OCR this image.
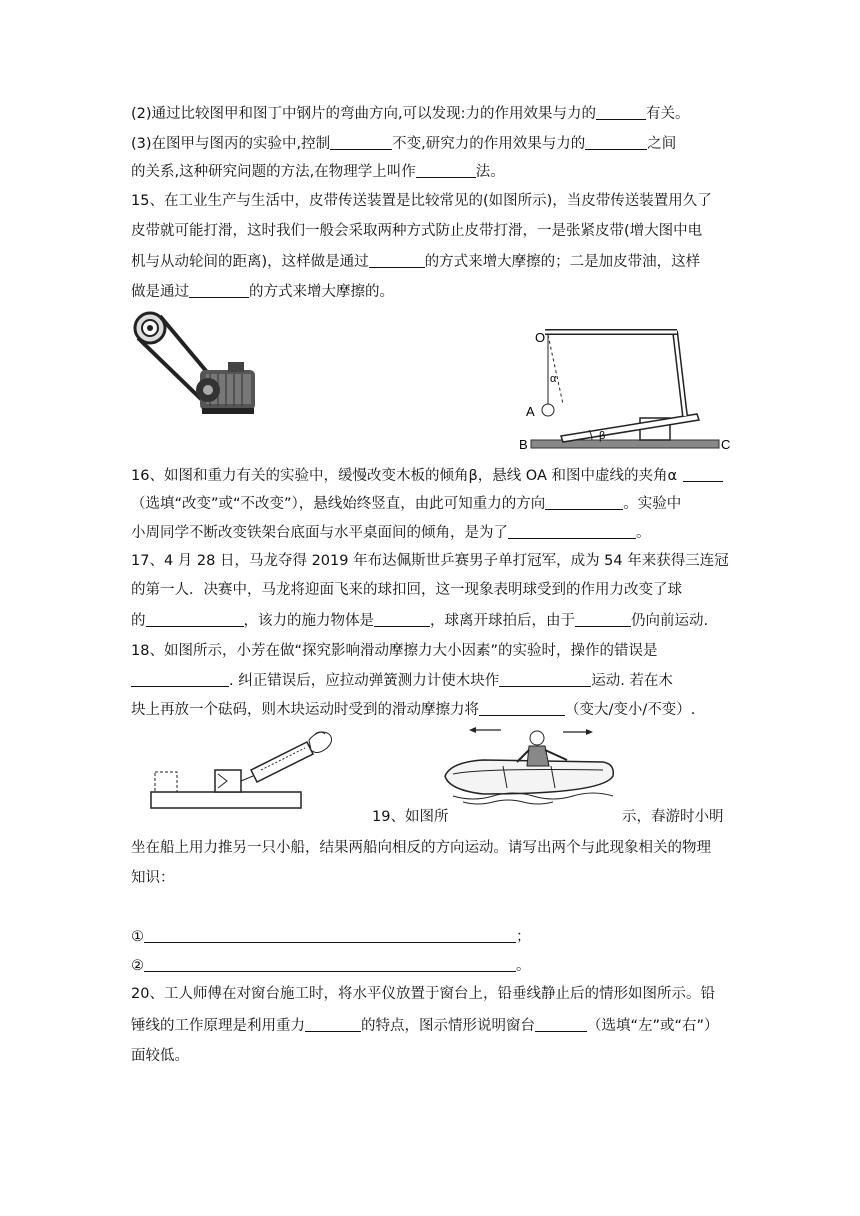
(2)通过比较图甲和图丁中钢片的弯曲方向,可以发现:力的作用效果与力的	有关。
(3)在图甲与图丙的实验中,控制	不变,研究力的作用效果与力的	之间
的关系,这种研究问题的方法,在物理学上叫作	法。
15、在工业生产与生活中，皮带传送装置是比较常见的(如图所示)，当皮带传送装置用久了
皮带就可能打滑，这时我们一般会采取两种方式防止皮带打滑，一是张紧皮带(增大图中电
机与从动轮间的距离)，这样做是通过	的方式来增大摩擦的；二是加皮带油，这样
做是通过	的方式来增大摩擦的。
B	C
β
O
A
α
16、如图和重力有关的实验中，缓慢改变木板的倾角β，悬线 OA 和图中虚线的夹角α
（选填“改变”或“不改变”），悬线始终竖直，由此可知重力的方向	。实验中
小周同学不断改变铁架台底面与水平桌面间的倾角，是为了	。
17、4 月 28 日，马龙夺得 2019 年布达佩斯世乒赛男子单打冠军，成为 54 年来获得三连冠
的第一人．决赛中，马龙将迎面飞来的球扣回，这一现象表明球受到的作用力改变了球
的	，该力的施力物体是	，球离开球拍后，由于	仍向前运动.
18、如图所示，小芳在做“探究影响滑动摩擦力大小因素”的实验时，操作的错误是
. 纠正错误后，应拉动弹簧测力计使木块作	运动. 若在木
块上再放一个砝码，则木块运动时受到的滑动摩擦力将	（变大/变小/不变）.
19、如图所	示，春游时小明
坐在船上用力推另一只小船，结果两船向相反的方向运动。请写出两个与此现象相关的物理
知识：
①	；
②	。
20、工人师傅在对窗台施工时，将水平仪放置于窗台上，铅垂线静止后的情形如图所示。铅
锤线的工作原理是利用重力	的特点，图示情形说明窗台	（选填“左”或“右”）
面较低。
